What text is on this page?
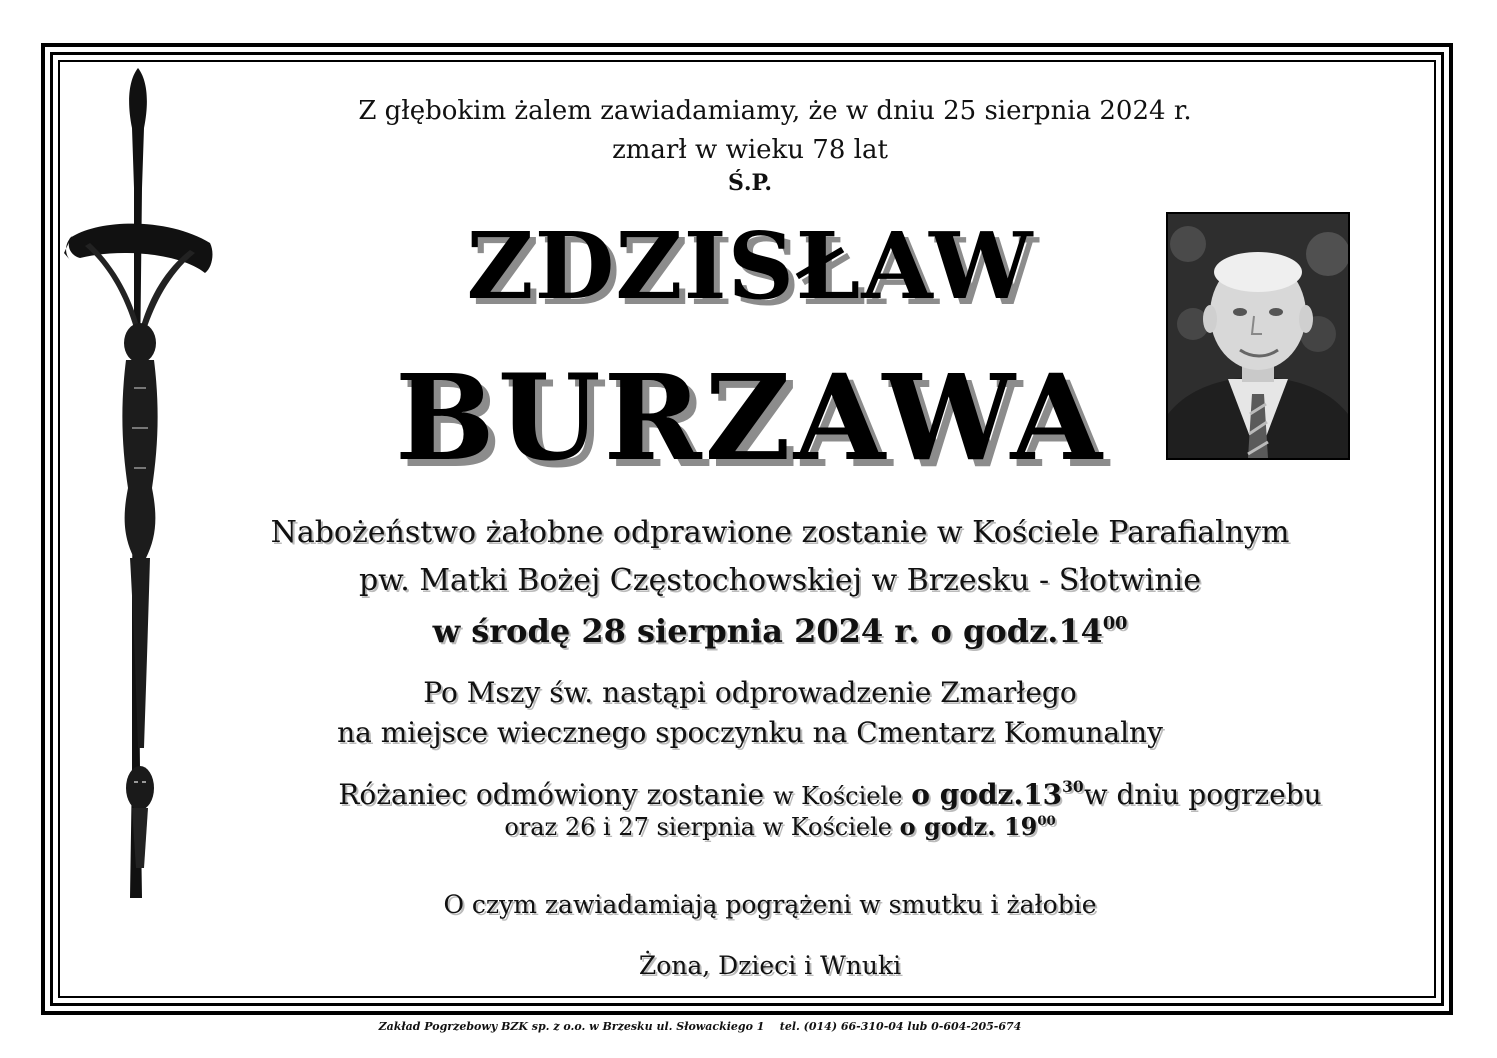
Z głębokim żalem zawiadamiamy, że w dniu 25 sierpnia 2024 r.
zmarł w wieku 78 lat
Ś.P.
ZDZISŁAW
BURZAWA
Nabożeństwo żałobne odprawione zostanie w Kościele Parafialnym
pw. Matki Bożej Częstochowskiej w Brzesku - Słotwinie
w środę 28 sierpnia 2024 r. o $godz.14^{00}$
Po Mszy św. nastąpi odprowadzenie Zmarłego
na miejsce wiecznego spoczynku na Cmentarz Komunalny
Różaniec odmówiony zostanie w Kościele o $godz.13^{30}w$ dniu pogrzebu
oraz 26 i 27 sierpnia w Kościele o godz. $19^{00}$
O czym zawiadamiają pogrążeni w smutku i żałobie
Żona, Dzieci i Wnuki
Zakład Pogrzebowy BZK sp. z o.o. w Brzesku ul. Słowackiego 1 tel. (014) 66-310-04 lub 0-604-205-674
